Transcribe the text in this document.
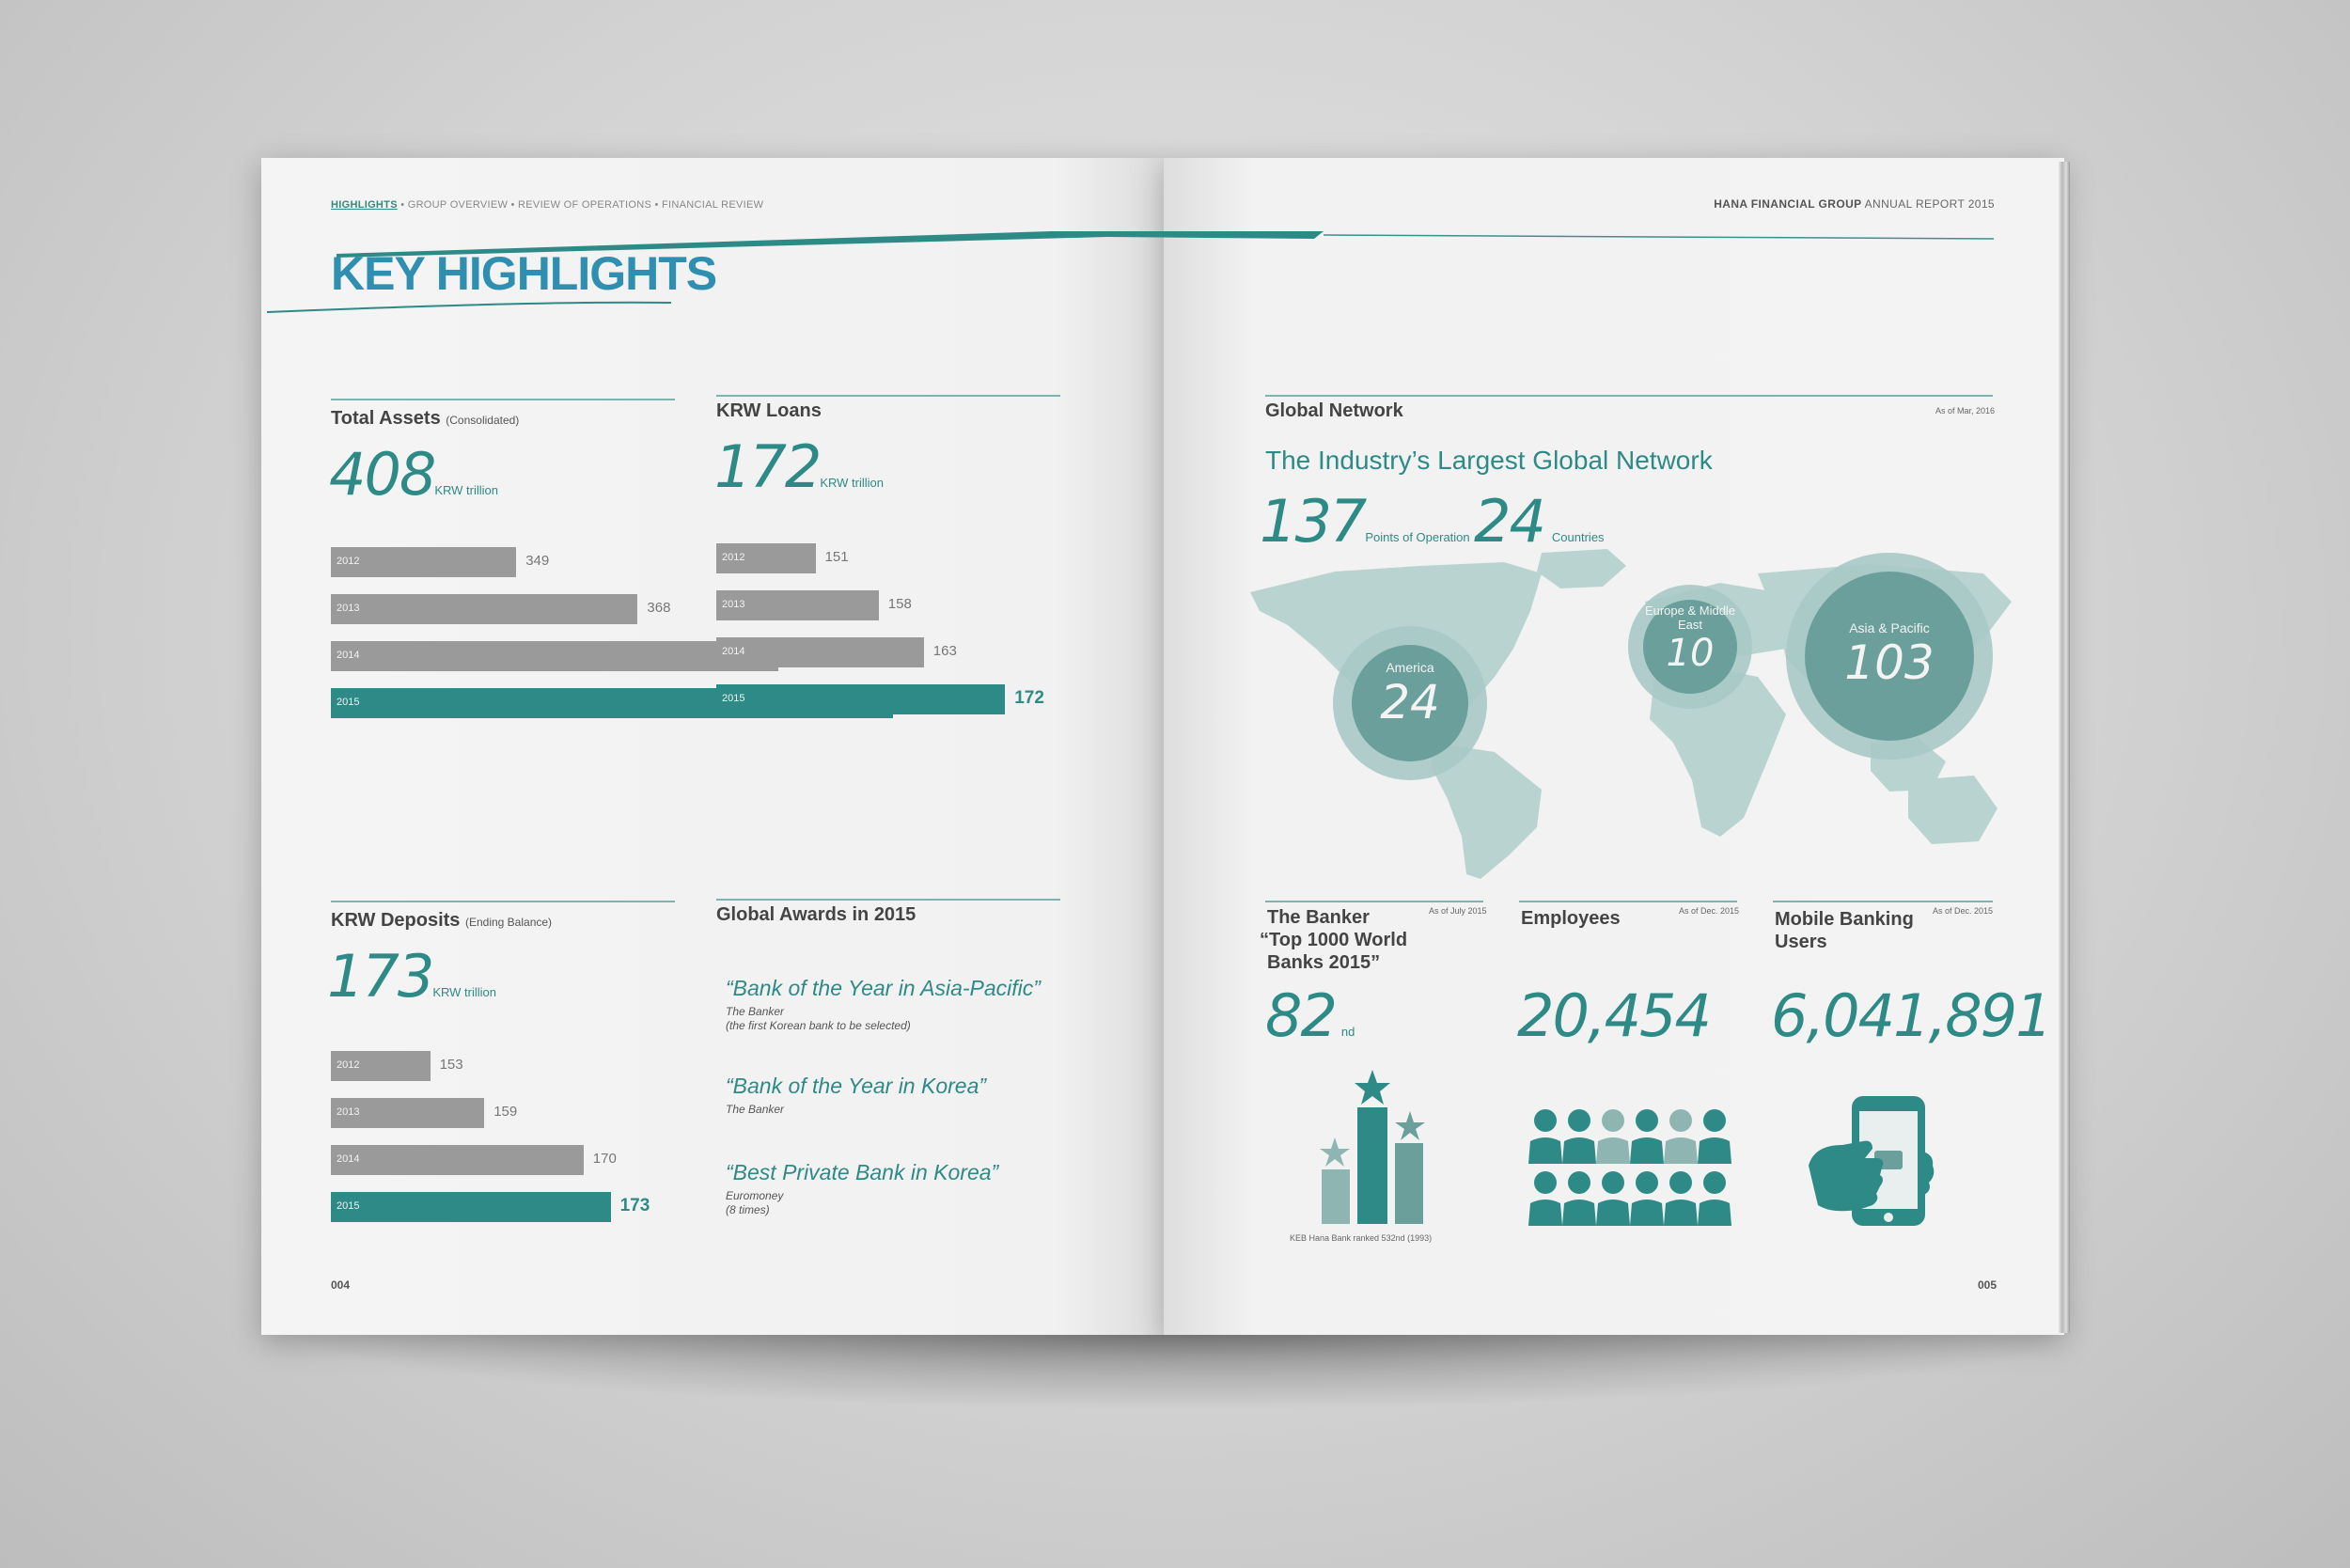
HIGHLIGHTS • GROUP OVERVIEW • REVIEW OF OPERATIONS • FINANCIAL REVIEW	HANA FINANCIAL GROUP ANNUAL REPORT 2015
KEY HIGHLIGHTS
Total Assets (Consolidated)
408KRW trillion
2012	349
2013	368
2014
2015
KRW Loans
172KRW trillion
2012	151
2013	158
2014	163
2015	172
KRW Deposits (Ending Balance)
173KRW trillion
2012	153
2013	159
2014	170
2015	173
Global Awards in 2015
“Bank of the Year in Asia-Pacific”
The Banker
(the first Korean bank to be selected)
“Bank of the Year in Korea”
The Banker
“Best Private Bank in Korea”
Euromoney
(8 times)
004
Global Network	As of Mar, 2016
The Industry’s Largest Global Network
137Points of Operation 24 Countries
America
24
Europe & Middle East
10
Asia & Pacific
103
The Banker
“Top 1000 World
Banks 2015”
As of July 2015
82 nd
KEB Hana Bank ranked 532nd (1993)
Employees	As of Dec. 2015
20,454
Mobile Banking
Users
As of Dec. 2015
6,041,891
005
